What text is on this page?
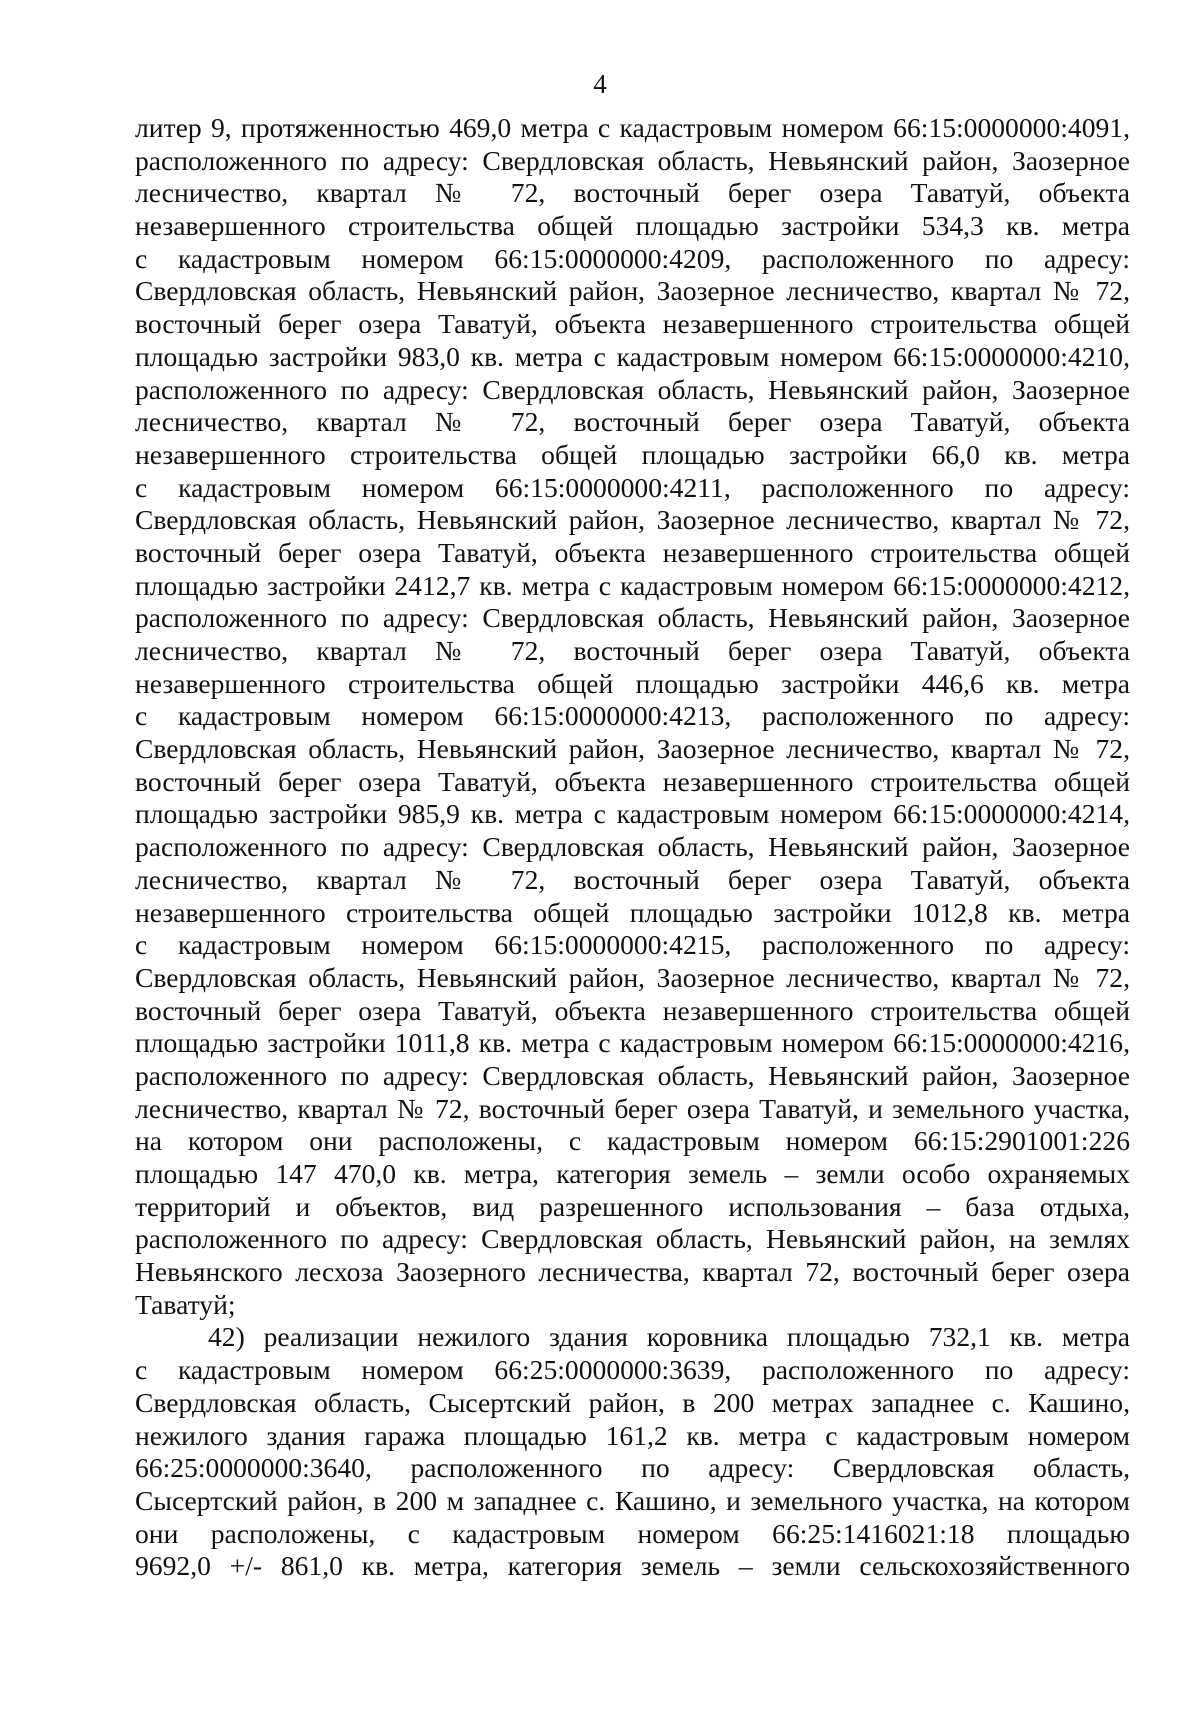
4
литер 9, протяженностью 469,0 метра с кадастровым номером 66:15:0000000:4091,
расположенного по адресу: Свердловская область, Невьянский район, Заозерное
лесничество, квартал № 72, восточный берег озера Таватуй, объекта
незавершенного строительства общей площадью застройки 534,3 кв. метра
с кадастровым номером 66:15:0000000:4209, расположенного по адресу:
Свердловская область, Невьянский район, Заозерное лесничество, квартал № 72,
восточный берег озера Таватуй, объекта незавершенного строительства общей
площадью застройки 983,0 кв. метра с кадастровым номером 66:15:0000000:4210,
расположенного по адресу: Свердловская область, Невьянский район, Заозерное
лесничество, квартал № 72, восточный берег озера Таватуй, объекта
незавершенного строительства общей площадью застройки 66,0 кв. метра
с кадастровым номером 66:15:0000000:4211, расположенного по адресу:
Свердловская область, Невьянский район, Заозерное лесничество, квартал № 72,
восточный берег озера Таватуй, объекта незавершенного строительства общей
площадью застройки 2412,7 кв. метра с кадастровым номером 66:15:0000000:4212,
расположенного по адресу: Свердловская область, Невьянский район, Заозерное
лесничество, квартал № 72, восточный берег озера Таватуй, объекта
незавершенного строительства общей площадью застройки 446,6 кв. метра
с кадастровым номером 66:15:0000000:4213, расположенного по адресу:
Свердловская область, Невьянский район, Заозерное лесничество, квартал № 72,
восточный берег озера Таватуй, объекта незавершенного строительства общей
площадью застройки 985,9 кв. метра с кадастровым номером 66:15:0000000:4214,
расположенного по адресу: Свердловская область, Невьянский район, Заозерное
лесничество, квартал № 72, восточный берег озера Таватуй, объекта
незавершенного строительства общей площадью застройки 1012,8 кв. метра
с кадастровым номером 66:15:0000000:4215, расположенного по адресу:
Свердловская область, Невьянский район, Заозерное лесничество, квартал № 72,
восточный берег озера Таватуй, объекта незавершенного строительства общей
площадью застройки 1011,8 кв. метра с кадастровым номером 66:15:0000000:4216,
расположенного по адресу: Свердловская область, Невьянский район, Заозерное
лесничество, квартал № 72, восточный берег озера Таватуй, и земельного участка,
на котором они расположены, с кадастровым номером 66:15:2901001:226
площадью 147 470,0 кв. метра, категория земель – земли особо охраняемых
территорий и объектов, вид разрешенного использования – база отдыха,
расположенного по адресу: Свердловская область, Невьянский район, на землях
Невьянского лесхоза Заозерного лесничества, квартал 72, восточный берег озера
Таватуй;
42) реализации нежилого здания коровника площадью 732,1 кв. метра
с кадастровым номером 66:25:0000000:3639, расположенного по адресу:
Свердловская область, Сысертский район, в 200 метрах западнее с. Кашино,
нежилого здания гаража площадью 161,2 кв. метра с кадастровым номером
66:25:0000000:3640, расположенного по адресу: Свердловская область,
Сысертский район, в 200 м западнее с. Кашино, и земельного участка, на котором
они расположены, с кадастровым номером 66:25:1416021:18 площадью
9692,0 +/- 861,0 кв. метра, категория земель – земли сельскохозяйственного
